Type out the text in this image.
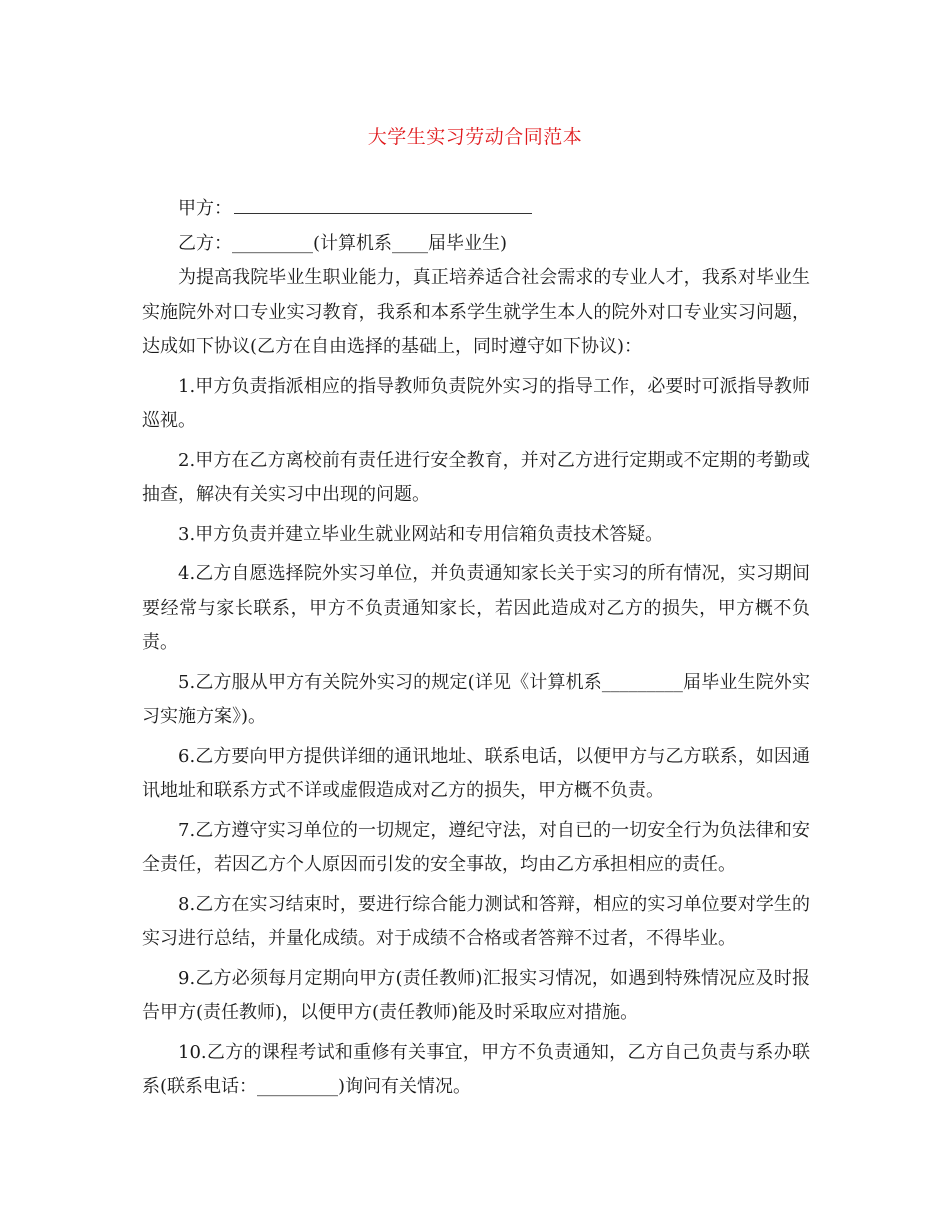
大学生实习劳动合同范本

甲方：

乙方：_________(计算机系____届毕业生)

为提高我院毕业生职业能力，真正培养适合社会需求的专业人才，我系对毕业生实施院外对口专业实习教育，我系和本系学生就学生本人的院外对口专业实习问题，达成如下协议(乙方在自由选择的基础上，同时遵守如下协议)：

1.甲方负责指派相应的指导教师负责院外实习的指导工作，必要时可派指导教师巡视。

2.甲方在乙方离校前有责任进行安全教育，并对乙方进行定期或不定期的考勤或抽查，解决有关实习中出现的问题。

3.甲方负责并建立毕业生就业网站和专用信箱负责技术答疑。

4.乙方自愿选择院外实习单位，并负责通知家长关于实习的所有情况，实习期间要经常与家长联系，甲方不负责通知家长，若因此造成对乙方的损失，甲方概不负责。

5.乙方服从甲方有关院外实习的规定(详见《计算机系_________届毕业生院外实习实施方案》)。

6.乙方要向甲方提供详细的通讯地址、联系电话，以便甲方与乙方联系，如因通讯地址和联系方式不详或虚假造成对乙方的损失，甲方概不负责。

7.乙方遵守实习单位的一切规定，遵纪守法，对自已的一切安全行为负法律和安全责任，若因乙方个人原因而引发的安全事故，均由乙方承担相应的责任。

8.乙方在实习结束时，要进行综合能力测试和答辩，相应的实习单位要对学生的实习进行总结，并量化成绩。对于成绩不合格或者答辩不过者，不得毕业。

9.乙方必须每月定期向甲方(责任教师)汇报实习情况，如遇到特殊情况应及时报告甲方(责任教师)，以便甲方(责任教师)能及时采取应对措施。

10.乙方的课程考试和重修有关事宜，甲方不负责通知，乙方自己负责与系办联系(联系电话：_________)询问有关情况。
